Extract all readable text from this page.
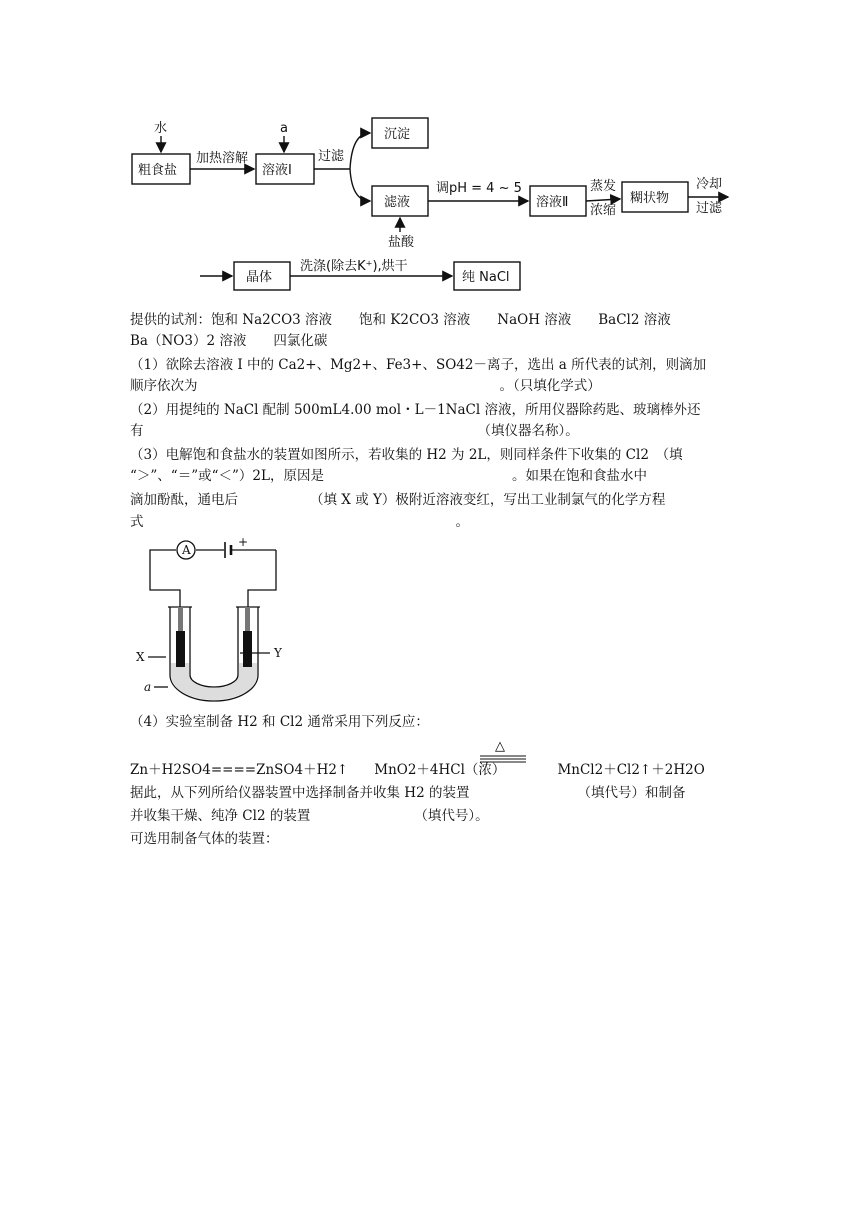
水
粗食盐
加热溶解
a
溶液Ⅰ
过滤
沉淀
滤液
盐酸
调pH = 4 ~ 5
溶液Ⅱ
蒸发
浓缩
糊状物
冷却
过滤
晶体
洗涤(除去K⁺),烘干
纯 NaCl
提供的试剂：饱和 Na2CO3 溶液　　饱和 K2CO3 溶液　　NaOH 溶液　　BaCl2 溶液
Ba（NO3）2 溶液　　四氯化碳
（1）欲除去溶液 I 中的 Ca2+、Mg2+、Fe3+、SO42－离子，选出 a 所代表的试剂，则滴加
顺序依次为	。（只填化学式）
（2）用提纯的 NaCl 配制 500mL4.00 mol・L－1NaCl 溶液，所用仪器除药匙、玻璃棒外还
有	（填仪器名称）。
（3）电解饱和食盐水的装置如图所示，若收集的 H2 为 2L，则同样条件下收集的 Cl2　（填
“＞”、“＝”或“＜”）2L，原因是	。如果在饱和食盐水中
滴加酚酞，通电后	（填 X 或 Y）极附近溶液变红，写出工业制氯气的化学方程
式	。
A
+
X	Y
a
（4）实验室制备 H2 和 Cl2 通常采用下列反应：
△
Zn＋H2SO4====ZnSO4＋H2↑ MnO2＋4HCl（浓）	MnCl2＋Cl2↑＋2H2O
据此，从下列所给仪器装置中选择制备并收集 H2 的装置	（填代号）和制备
并收集干燥、纯净 Cl2 的装置	（填代号）。
可选用制备气体的装置：
